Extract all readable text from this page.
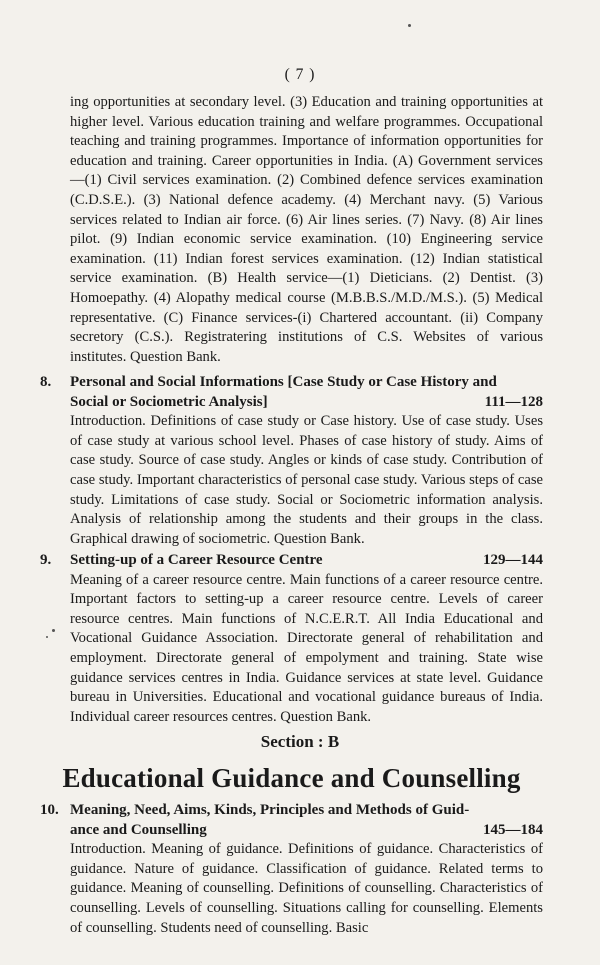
( 7 )

ing opportunities at secondary level. (3) Education and training opportunities at higher level. Various education training and welfare programmes. Occupational teaching and training programmes. Importance of information opportunities for education and training. Career opportunities in India. (A) Government services—(1) Civil services examination. (2) Combined defence services examination (C.D.S.E.). (3) National defence academy. (4) Merchant navy. (5) Various services related to Indian air force. (6) Air lines series. (7) Navy. (8) Air lines pilot. (9) Indian economic service examination. (10) Engineering service examination. (11) Indian forest services examination. (12) Indian statistical service examination. (B) Health service—(1) Dieticians. (2) Dentist. (3) Homoepathy. (4) Alopathy medical course (M.B.B.S./M.D./M.S.). (5) Medical representative. (C) Finance services-(i) Chartered accountant. (ii) Company secretory (C.S.). Registratering institutions of C.S. Websites of various institutes. Question Bank.

8.	Personal and Social Informations [Case Study or Case History and

Social or Sociometric Analysis]	111—128

Introduction. Definitions of case study or Case history. Use of case study. Uses of case study at various school level. Phases of case history of study. Aims of case study. Source of case study. Angles or kinds of case study. Contribution of case study. Important characteristics of personal case study. Various steps of case study. Limitations of case study. Social or Sociometric information analysis. Analysis of relationship among the students and their groups in the class. Graphical drawing of sociometric. Question Bank.

9.	Setting-up of a Career Resource Centre	129—144

Meaning of a career resource centre. Main functions of a career resource centre. Important factors to setting-up a career resource centre. Levels of career resource centres. Main functions of N.C.E.R.T. All India Educational and Vocational Guidance Association. Directorate general of rehabilitation and employment. Directorate general of empolyment and training. State wise guidance services centres in India. Guidance services at state level. Guidance bureau in Universities. Educational and vocational guidance bureaus of India. Individual career resources centres. Question Bank.

Section : B
Educational Guidance and Counselling
10. Meaning, Need, Aims, Kinds, Principles and Methods of Guid-

ance and Counselling	145—184

Introduction. Meaning of guidance. Definitions of guidance. Characteristics of guidance. Nature of guidance. Classification of guidance. Related terms to guidance. Meaning of counselling. Definitions of counselling. Characteristics of counselling. Levels of counselling. Situations calling for counselling. Elements of counselling. Students need of counselling. Basic
